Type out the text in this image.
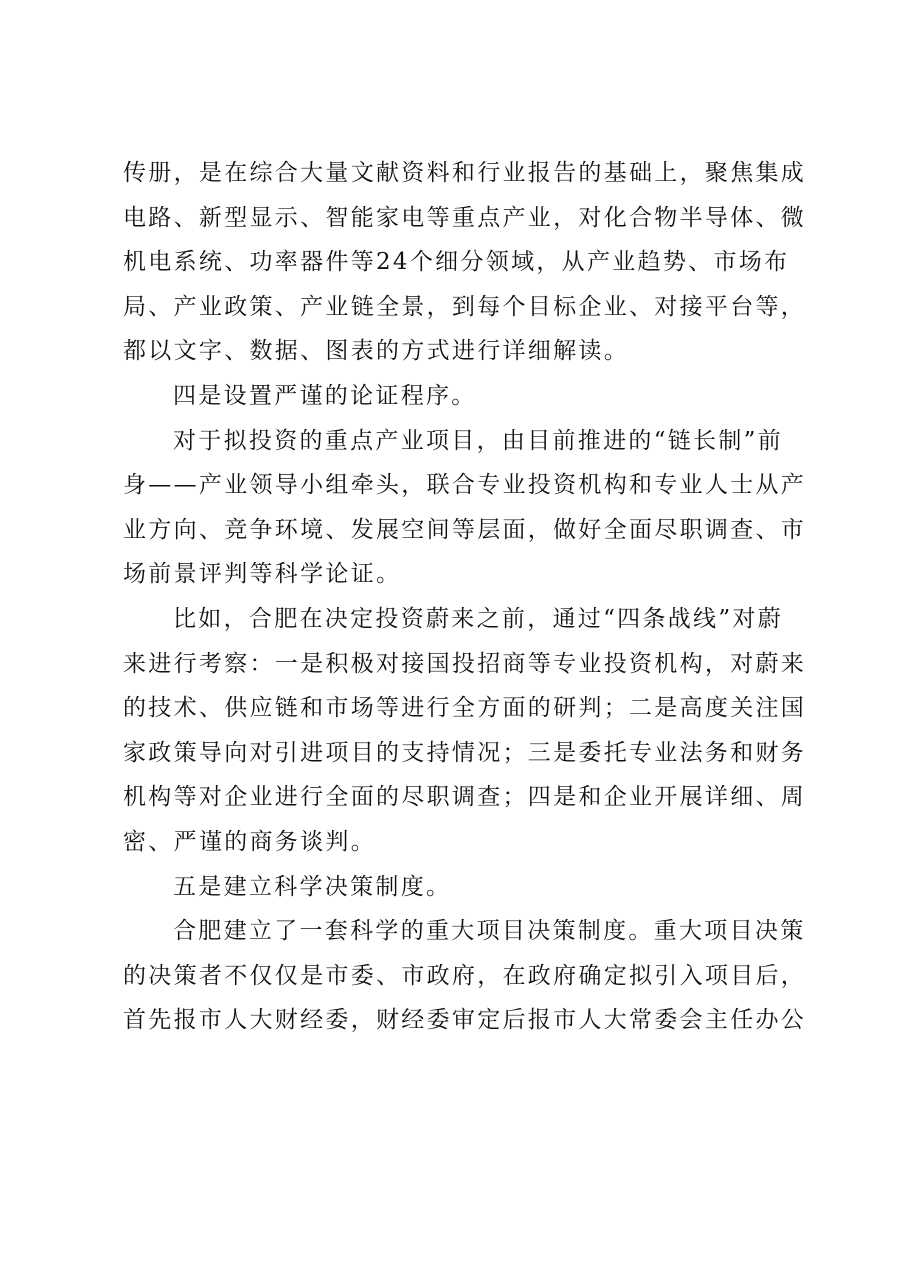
传册，是在综合大量文献资料和行业报告的基础上，聚焦集成
电路、新型显示、智能家电等重点产业，对化合物半导体、微
机电系统、功率器件等24个细分领域，从产业趋势、市场布
局、产业政策、产业链全景，到每个目标企业、对接平台等，
都以文字、数据、图表的方式进行详细解读。
四是设置严谨的论证程序。
对于拟投资的重点产业项目，由目前推进的“链长制”前
身——产业领导小组牵头，联合专业投资机构和专业人士从产
业方向、竞争环境、发展空间等层面，做好全面尽职调查、市
场前景评判等科学论证。
比如，合肥在决定投资蔚来之前，通过“四条战线”对蔚
来进行考察：一是积极对接国投招商等专业投资机构，对蔚来
的技术、供应链和市场等进行全方面的研判；二是高度关注国
家政策导向对引进项目的支持情况；三是委托专业法务和财务
机构等对企业进行全面的尽职调查；四是和企业开展详细、周
密、严谨的商务谈判。
五是建立科学决策制度。
合肥建立了一套科学的重大项目决策制度。重大项目决策
的决策者不仅仅是市委、市政府，在政府确定拟引入项目后，
首先报市人大财经委，财经委审定后报市人大常委会主任办公
